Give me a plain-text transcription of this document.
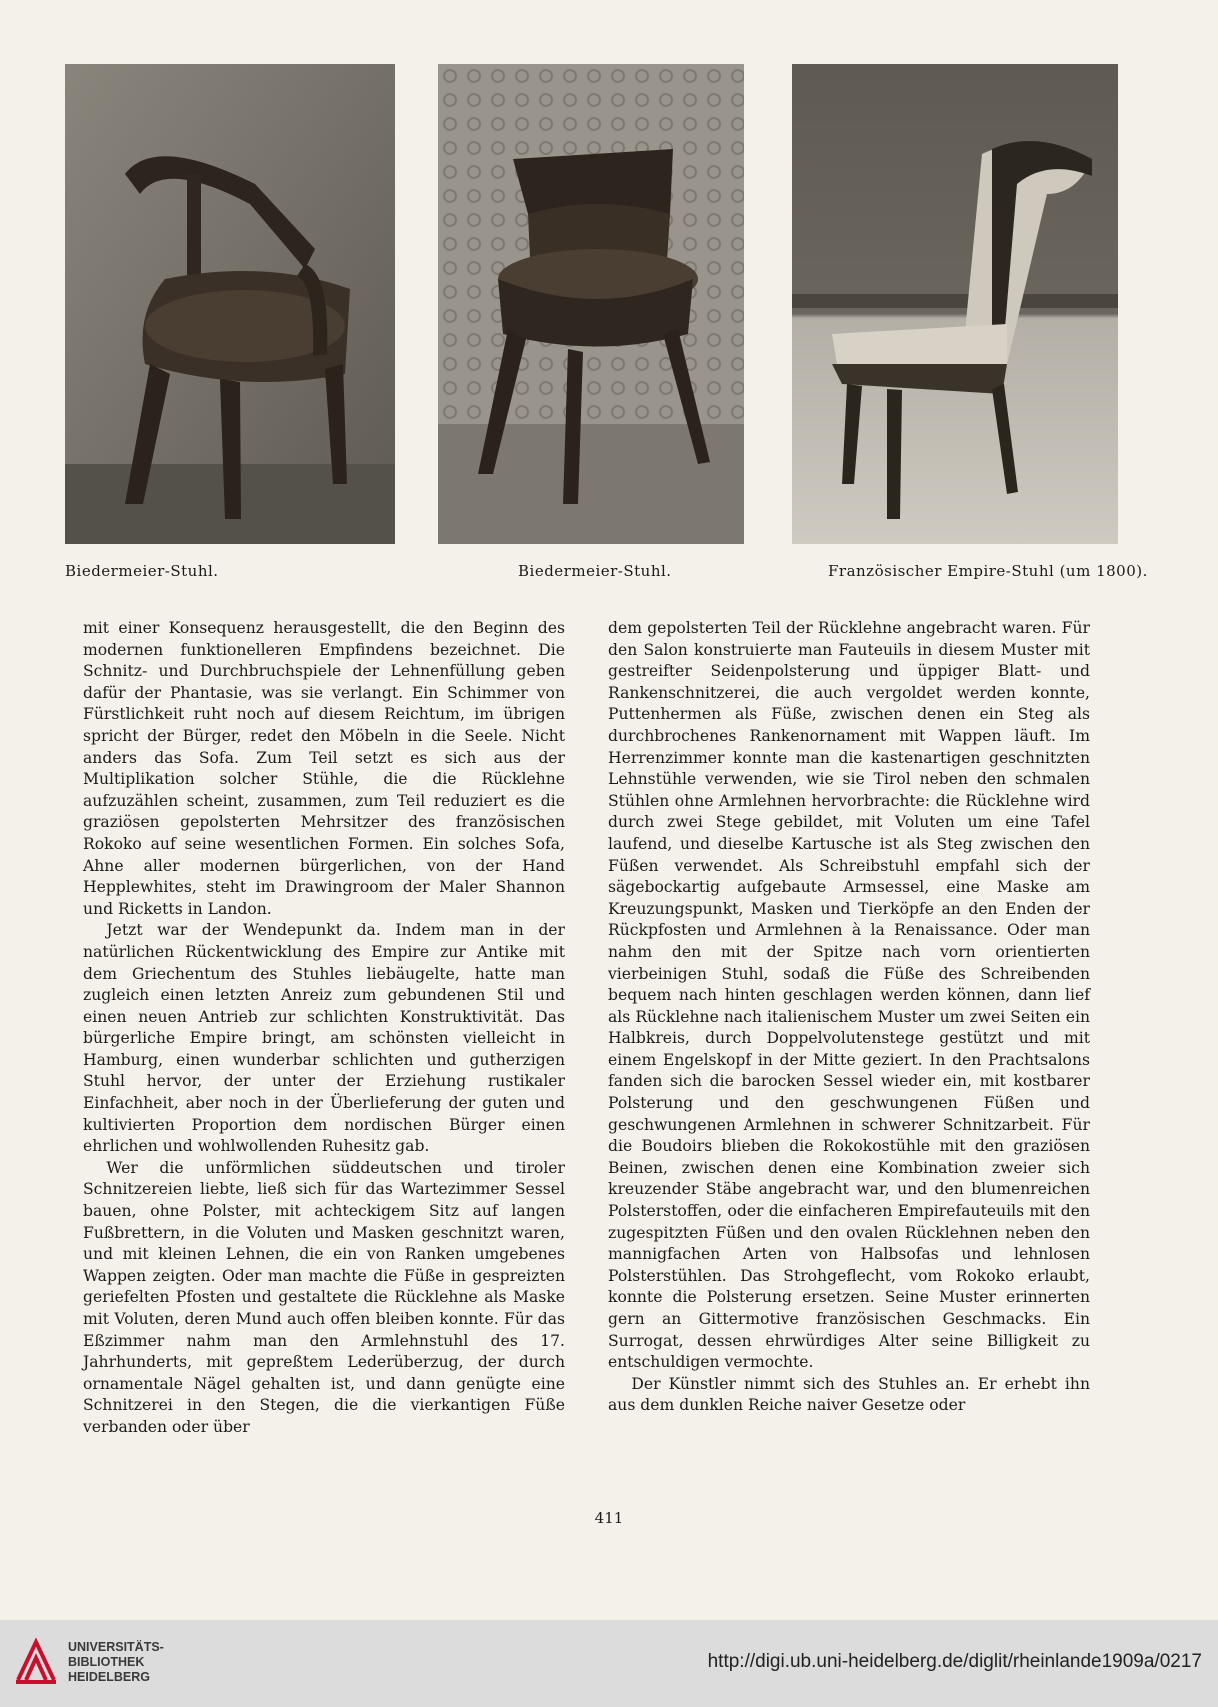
Biedermeier-Stuhl.	Biedermeier-Stuhl.	Französischer Empire-Stuhl (um 1800).

mit einer Konsequenz herausgestellt, die den Beginn des modernen funktionelleren Empfindens bezeichnet. Die Schnitz- und Durchbruchspiele der Lehnenfüllung geben dafür der Phantasie, was sie verlangt. Ein Schimmer von Fürstlichkeit ruht noch auf diesem Reichtum, im übrigen spricht der Bürger, redet den Möbeln in die Seele. Nicht anders das Sofa. Zum Teil setzt es sich aus der Multiplikation solcher Stühle, die die Rücklehne aufzuzählen scheint, zusammen, zum Teil reduziert es die graziösen gepolsterten Mehrsitzer des französischen Rokoko auf seine wesentlichen Formen. Ein solches Sofa, Ahne aller modernen bürgerlichen, von der Hand Hepplewhites, steht im Drawingroom der Maler Shannon und Ricketts in Landon.

Jetzt war der Wendepunkt da. Indem man in der natürlichen Rückentwicklung des Empire zur Antike mit dem Griechentum des Stuhles liebäugelte, hatte man zugleich einen letzten Anreiz zum gebundenen Stil und einen neuen Antrieb zur schlichten Konstruktivität. Das bürgerliche Empire bringt, am schönsten vielleicht in Hamburg, einen wunderbar schlichten und gutherzigen Stuhl hervor, der unter der Erziehung rustikaler Einfachheit, aber noch in der Überlieferung der guten und kultivierten Proportion dem nordischen Bürger einen ehrlichen und wohlwollenden Ruhesitz gab.

Wer die unförmlichen süddeutschen und tiroler Schnitzereien liebte, ließ sich für das Wartezimmer Sessel bauen, ohne Polster, mit achteckigem Sitz auf langen Fußbrettern, in die Voluten und Masken geschnitzt waren, und mit kleinen Lehnen, die ein von Ranken umgebenes Wappen zeigten. Oder man machte die Füße in gespreizten geriefelten Pfosten und gestaltete die Rücklehne als Maske mit Voluten, deren Mund auch offen bleiben konnte. Für das Eßzimmer nahm man den Armlehnstuhl des 17. Jahrhunderts, mit gepreßtem Lederüberzug, der durch ornamentale Nägel gehalten ist, und dann genügte eine Schnitzerei in den Stegen, die die vierkantigen Füße verbanden oder über

dem gepolsterten Teil der Rücklehne angebracht waren. Für den Salon konstruierte man Fauteuils in diesem Muster mit gestreifter Seidenpolsterung und üppiger Blatt- und Rankenschnitzerei, die auch vergoldet werden konnte, Puttenhermen als Füße, zwischen denen ein Steg als durchbrochenes Rankenornament mit Wappen läuft. Im Herrenzimmer konnte man die kastenartigen geschnitzten Lehnstühle verwenden, wie sie Tirol neben den schmalen Stühlen ohne Armlehnen hervorbrachte: die Rücklehne wird durch zwei Stege gebildet, mit Voluten um eine Tafel laufend, und dieselbe Kartusche ist als Steg zwischen den Füßen verwendet. Als Schreibstuhl empfahl sich der sägebockartig aufgebaute Armsessel, eine Maske am Kreuzungspunkt, Masken und Tierköpfe an den Enden der Rückpfosten und Armlehnen à la Renaissance. Oder man nahm den mit der Spitze nach vorn orientierten vierbeinigen Stuhl, sodaß die Füße des Schreibenden bequem nach hinten geschlagen werden können, dann lief als Rücklehne nach italienischem Muster um zwei Seiten ein Halbkreis, durch Doppelvolutenstege gestützt und mit einem Engelskopf in der Mitte geziert. In den Prachtsalons fanden sich die barocken Sessel wieder ein, mit kostbarer Polsterung und den geschwungenen Füßen und geschwungenen Armlehnen in schwerer Schnitzarbeit. Für die Boudoirs blieben die Rokokostühle mit den graziösen Beinen, zwischen denen eine Kombination zweier sich kreuzender Stäbe angebracht war, und den blumenreichen Polsterstoffen, oder die einfacheren Empirefauteuils mit den zugespitzten Füßen und den ovalen Rücklehnen neben den mannigfachen Arten von Halbsofas und lehnlosen Polsterstühlen. Das Strohgeflecht, vom Rokoko erlaubt, konnte die Polsterung ersetzen. Seine Muster erinnerten gern an Gittermotive französischen Geschmacks. Ein Surrogat, dessen ehrwürdiges Alter seine Billigkeit zu entschuldigen vermochte.

Der Künstler nimmt sich des Stuhles an. Er erhebt ihn aus dem dunklen Reiche naiver Gesetze oder

411
UNIVERSITÄTS-
BIBLIOTHEK
HEIDELBERG
http://digi.ub.uni-heidelberg.de/diglit/rheinlande1909a/0217
